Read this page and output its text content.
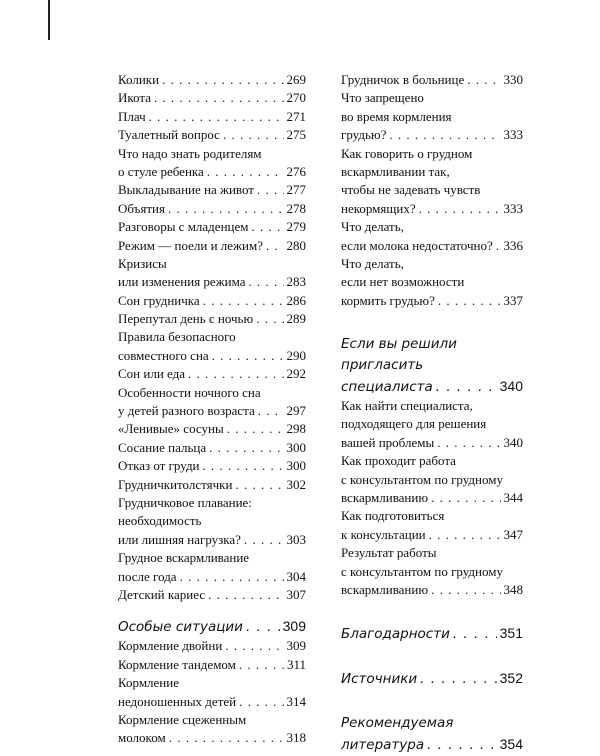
Колики . . .	269
Икота . . .	270
Плач . . .	271
Туалетный вопрос . . .	275
Что надо знать родителям
о стуле ребенка . . .	276
Выкладывание на живот . . .	277
Объятия . . .	278
Разговоры с младенцем . . .	279
Режим — поели и лежим? . . . 280
Кризисы
или изменения режима . . .	283
Сон грудничка . . .	286
Перепутал день с ночью . . .	289
Правила безопасного
совместного сна . . .	290
Сон или еда . . .	292
Особенности ночного сна
у детей разного возраста . . . 297
«Ленивые» сосуны . . .	298
Сосание пальца . . .	300
Отказ от груди . . .	300
Грудничкитолстячки . . .	302
Грудничковое плавание:
необходимость
или лишняя нагрузка? . . .	303
Грудное вскармливание
после года . . .	304
Детский кариес . . .	307
Особые ситуации . . .	309
Кормление двойни . . .	309
Кормление тандемом . . .	311
Кормление
недоношенных детей . . .	314
Кормление сцеженным
молоком . . .	318
Грудничок в больнице . . .	330
Что запрещено
во время кормления
грудью? . . .	333
Как говорить о грудном
вскармливании так,
чтобы не задевать чувств
некормящих? . . .	333
Что делать,
если молока недостаточно? . . . 336
Что делать,
если нет возможности
кормить грудью? . . .	337
Если вы решили
пригласить
специалиста . . .	340
Как найти специалиста,
подходящего для решения
вашей проблемы . . .	340
Как проходит работа
с консультантом по грудному
вскармливанию . . .	344
Как подготовиться
к консультации . . .	347
Результат работы
с консультантом по грудному
вскармливанию . . .	348
Благодарности . . .	351
Источники . . .	352
Рекомендуемая
литература . . .	354
